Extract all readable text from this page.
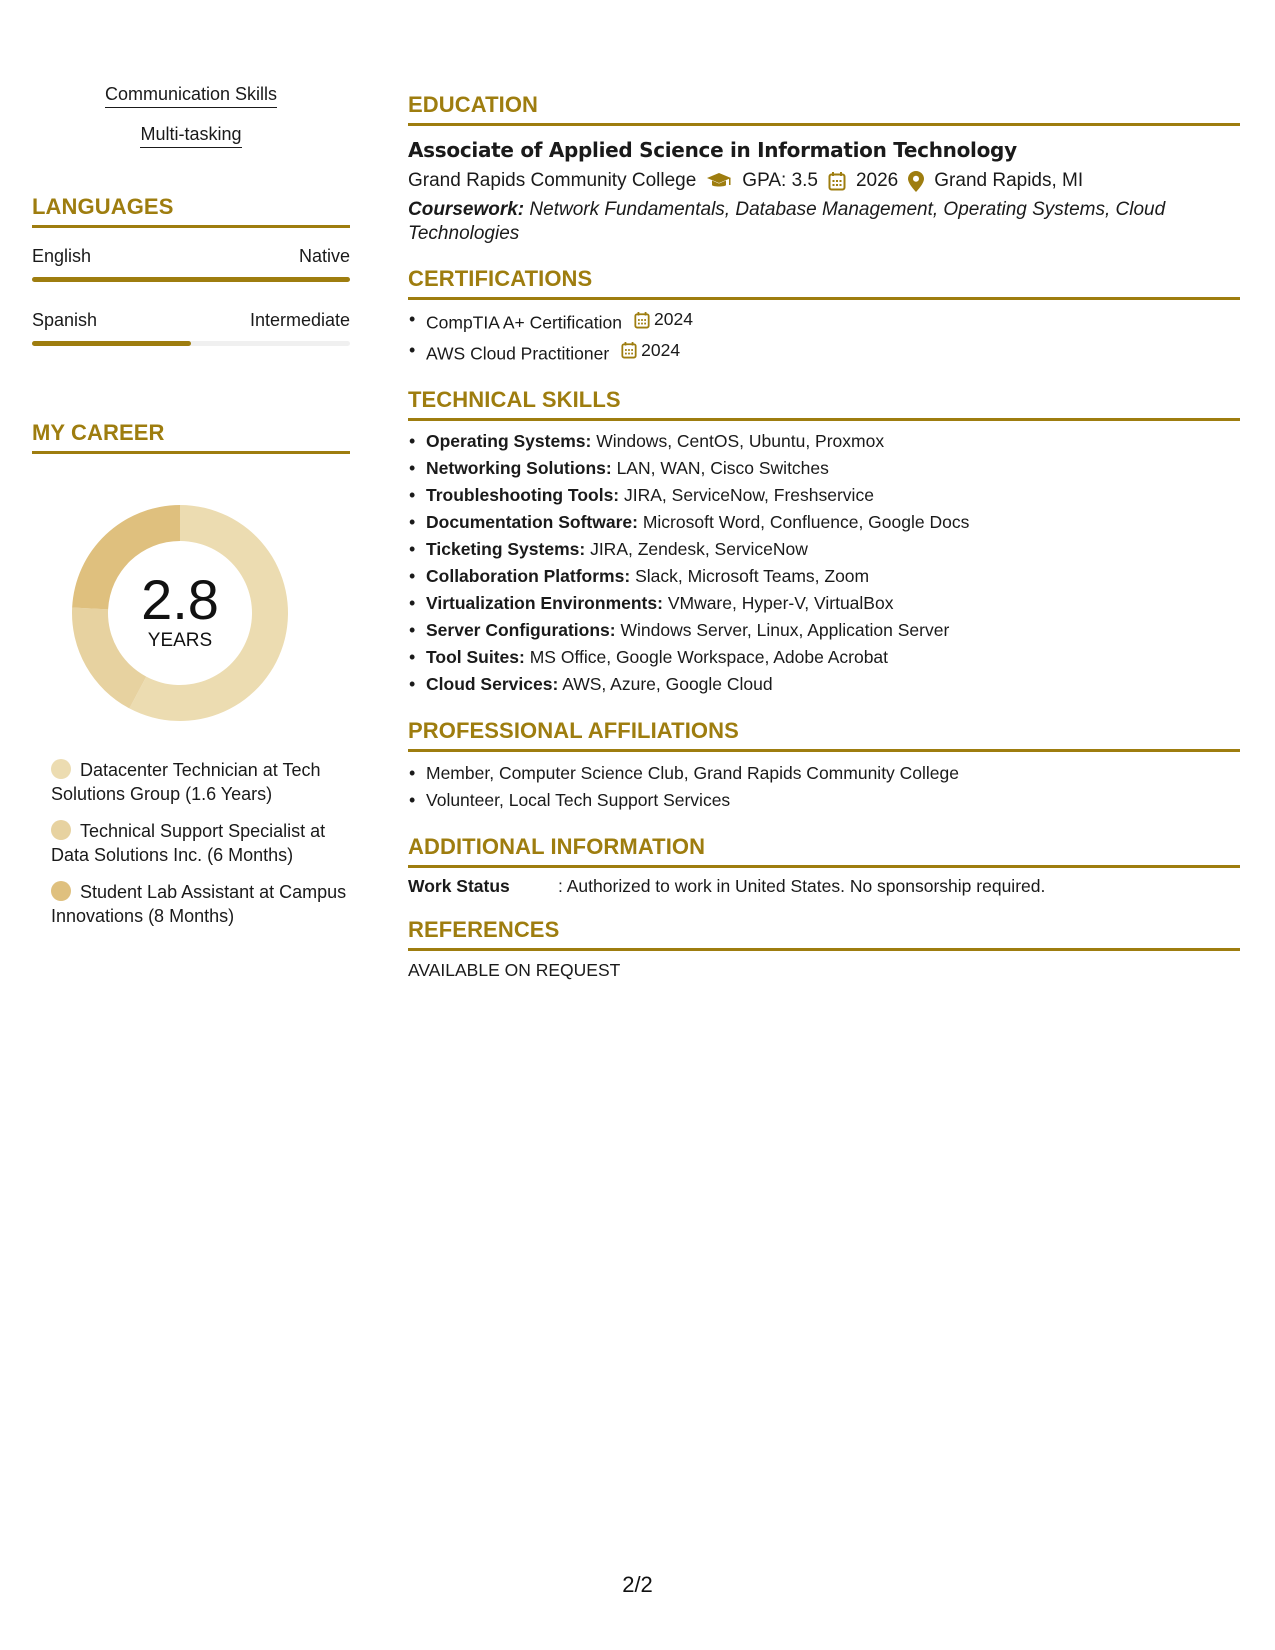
Communication Skills
Multi-tasking
LANGUAGES
English	Native
Spanish	Intermediate
MY CAREER
2.8
YEARS
Datacenter Technician at Tech Solutions Group (1.6 Years)
Technical Support Specialist at Data Solutions Inc. (6 Months)
Student Lab Assistant at Campus Innovations (8 Months)
EDUCATION
Associate of Applied Science in Information Technology
Grand Rapids Community College GPA: 3.5 2026 Grand Rapids, MI
Coursework: Network Fundamentals, Database Management, Operating Systems, Cloud Technologies
CERTIFICATIONS
• CompTIA A+ Certification 2024
• AWS Cloud Practitioner 2024
TECHNICAL SKILLS
• Operating Systems: Windows, CentOS, Ubuntu, Proxmox
• Networking Solutions: LAN, WAN, Cisco Switches
• Troubleshooting Tools: JIRA, ServiceNow, Freshservice
• Documentation Software: Microsoft Word, Confluence, Google Docs
• Ticketing Systems: JIRA, Zendesk, ServiceNow
• Collaboration Platforms: Slack, Microsoft Teams, Zoom
• Virtualization Environments: VMware, Hyper-V, VirtualBox
• Server Configurations: Windows Server, Linux, Application Server
• Tool Suites: MS Office, Google Workspace, Adobe Acrobat
• Cloud Services: AWS, Azure, Google Cloud
PROFESSIONAL AFFILIATIONS
• Member, Computer Science Club, Grand Rapids Community College
• Volunteer, Local Tech Support Services
ADDITIONAL INFORMATION
Work Status	: Authorized to work in United States. No sponsorship required.
REFERENCES
AVAILABLE ON REQUEST
2/2
